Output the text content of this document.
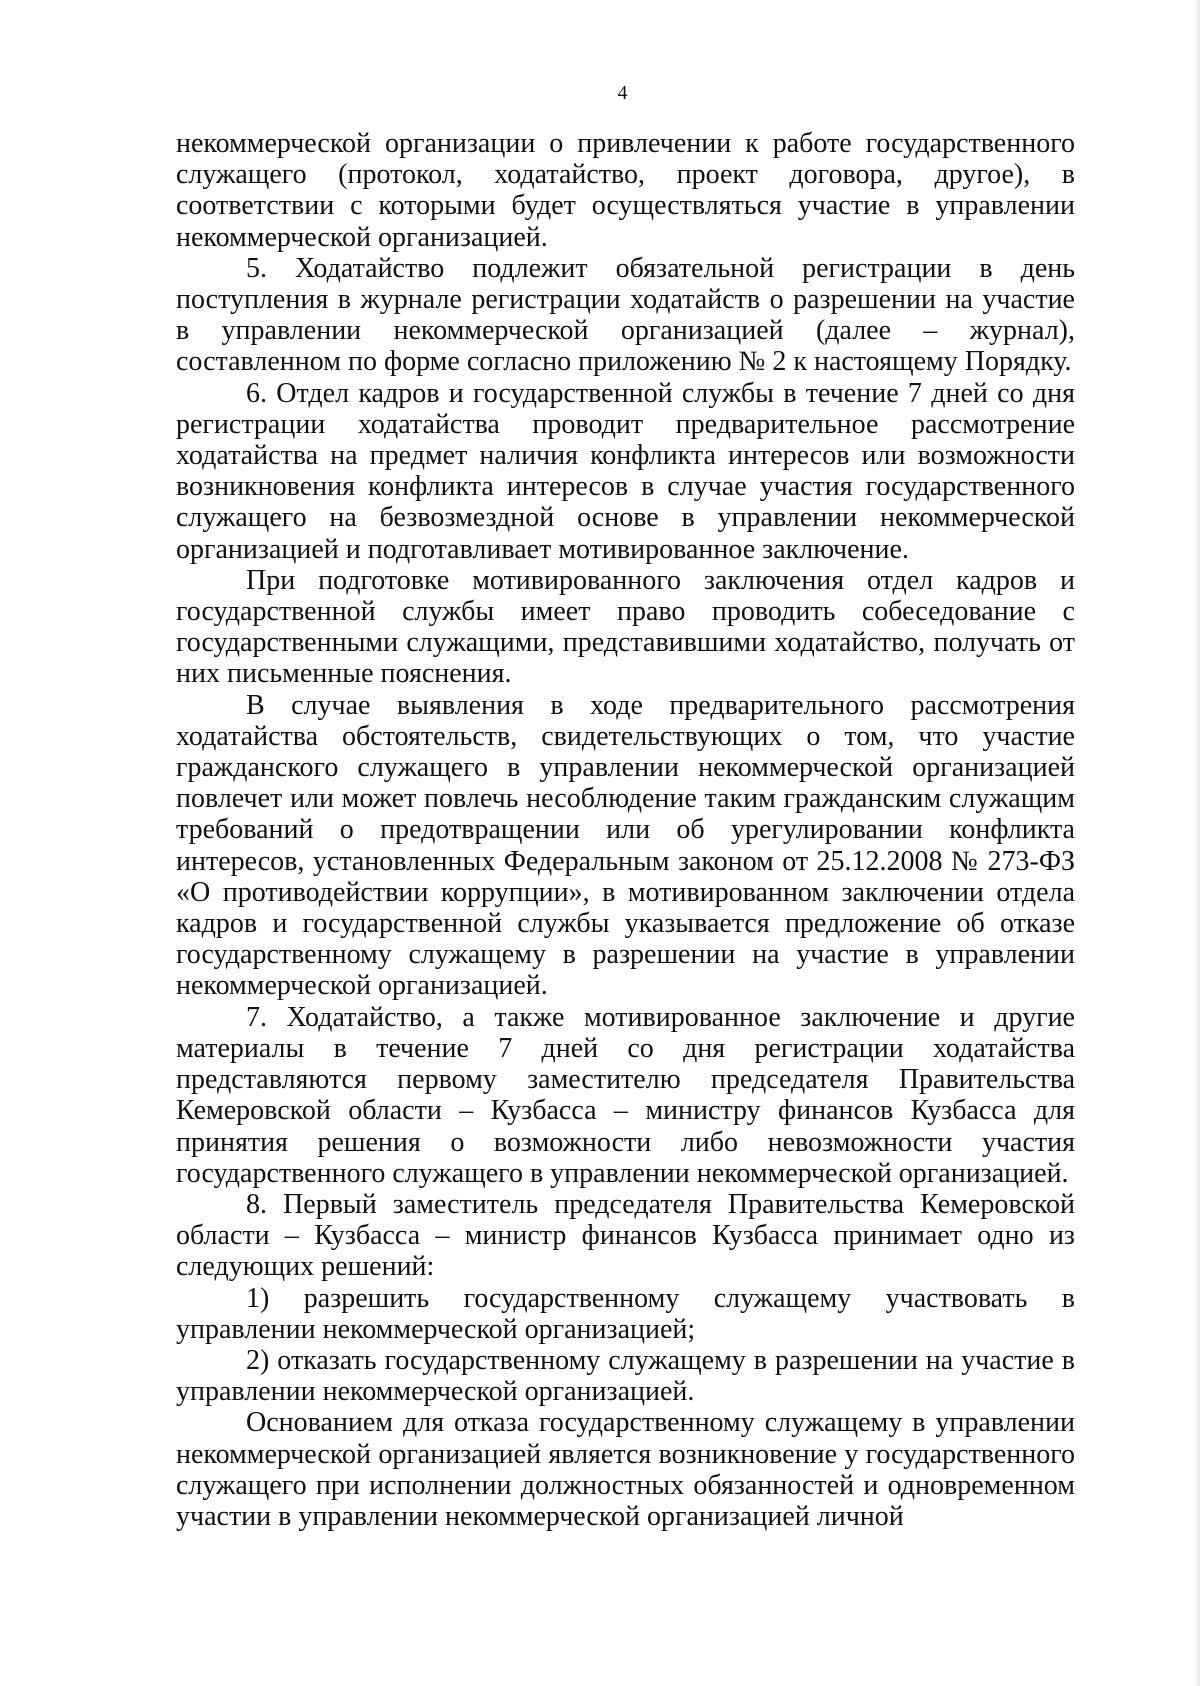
4

некоммерческой организации о привлечении к работе государственного служащего (протокол, ходатайство, проект договора, другое), в соответствии с которыми будет осуществляться участие в управлении некоммерческой организацией.

5. Ходатайство подлежит обязательной регистрации в день поступления в журнале регистрации ходатайств о разрешении на участие в управлении некоммерческой организацией (далее – журнал), составленном по форме согласно приложению № 2 к настоящему Порядку.

6. Отдел кадров и государственной службы в течение 7 дней со дня регистрации ходатайства проводит предварительное рассмотрение ходатайства на предмет наличия конфликта интересов или возможности возникновения конфликта интересов в случае участия государственного служащего на безвозмездной основе в управлении некоммерческой организацией и подготавливает мотивированное заключение.

При подготовке мотивированного заключения отдел кадров и государственной службы имеет право проводить собеседование с государственными служащими, представившими ходатайство, получать от них письменные пояснения.

В случае выявления в ходе предварительного рассмотрения ходатайства обстоятельств, свидетельствующих о том, что участие гражданского служащего в управлении некоммерческой организацией повлечет или может повлечь несоблюдение таким гражданским служащим требований о предотвращении или об урегулировании конфликта интересов, установленных Федеральным законом от 25.12.2008 № 273-ФЗ «О противодействии коррупции», в мотивированном заключении отдела кадров и государственной службы указывается предложение об отказе государственному служащему в разрешении на участие в управлении некоммерческой организацией.

7. Ходатайство, а также мотивированное заключение и другие материалы в течение 7 дней со дня регистрации ходатайства представляются первому заместителю председателя Правительства Кемеровской области – Кузбасса – министру финансов Кузбасса для принятия решения о возможности либо невозможности участия государственного служащего в управлении некоммерческой организацией.

8. Первый заместитель председателя Правительства Кемеровской области – Кузбасса – министр финансов Кузбасса принимает одно из следующих решений:

1) разрешить государственному служащему участвовать в управлении некоммерческой организацией;

2) отказать государственному служащему в разрешении на участие в управлении некоммерческой организацией.

Основанием для отказа государственному служащему в управлении некоммерческой организацией является возникновение у государственного служащего при исполнении должностных обязанностей и одновременном участии в управлении некоммерческой организацией личной
